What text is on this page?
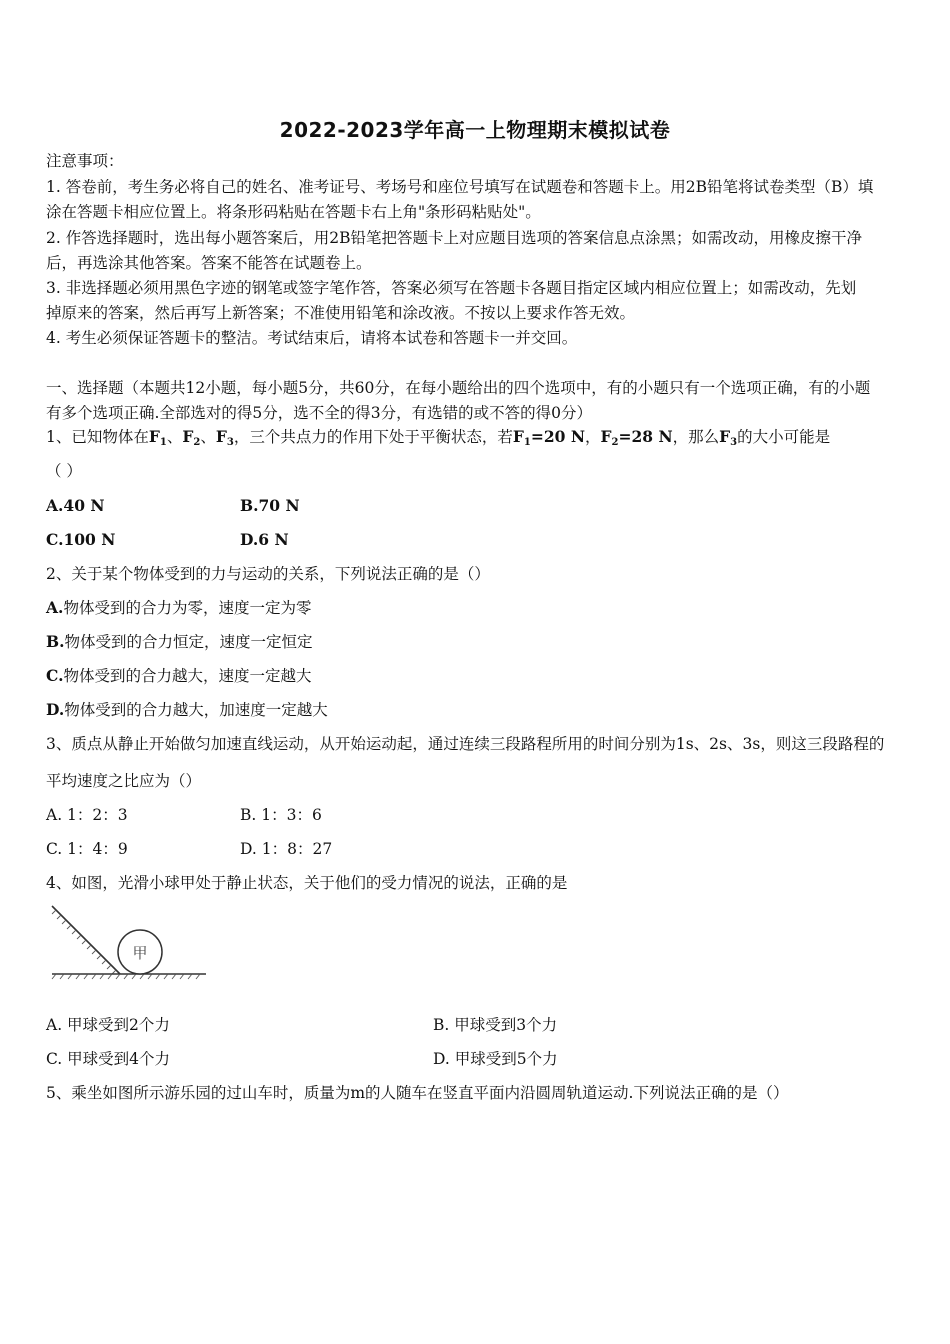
2022-2023学年高一上物理期末模拟试卷
注意事项：
1. 答卷前，考生务必将自己的姓名、准考证号、考场号和座位号填写在试题卷和答题卡上。用2B铅笔将试卷类型（B）填
涂在答题卡相应位置上。将条形码粘贴在答题卡右上角"条形码粘贴处"。
2. 作答选择题时，选出每小题答案后，用2B铅笔把答题卡上对应题目选项的答案信息点涂黑；如需改动，用橡皮擦干净
后，再选涂其他答案。答案不能答在试题卷上。
3. 非选择题必须用黑色字迹的钢笔或签字笔作答，答案必须写在答题卡各题目指定区域内相应位置上；如需改动，先划
掉原来的答案，然后再写上新答案；不准使用铅笔和涂改液。不按以上要求作答无效。
4. 考生必须保证答题卡的整洁。考试结束后，请将本试卷和答题卡一并交回。
一、选择题（本题共12小题，每小题5分，共60分，在每小题给出的四个选项中，有的小题只有一个选项正确，有的小题
有多个选项正确.全部选对的得5分，选不全的得3分，有选错的或不答的得0分）
1、已知物体在$F_1$、$F_2$、$F_3$，三个共点力的作用下处于平衡状态，若$F_1=20$ N，$F_2=28$ N，那么$F_3$的大小可能是
（ ）
A.40 N	B.70 N
C.100 N	D.6 N
2、关于某个物体受到的力与运动的关系，下列说法正确的是（）
A.物体受到的合力为零，速度一定为零
B.物体受到的合力恒定，速度一定恒定
C.物体受到的合力越大，速度一定越大
D.物体受到的合力越大，加速度一定越大
3、质点从静止开始做匀加速直线运动，从开始运动起，通过连续三段路程所用的时间分别为1s、2s、3s，则这三段路程的
平均速度之比应为（）
A. 1：2：3	B. 1：3：6
C. 1：4：9	D. 1：8：27
4、如图，光滑小球甲处于静止状态，关于他们的受力情况的说法，正确的是
甲
A. 甲球受到2个力	B. 甲球受到3个力
C. 甲球受到4个力	D. 甲球受到5个力
5、乘坐如图所示游乐园的过山车时，质量为m的人随车在竖直平面内沿圆周轨道运动.下列说法正确的是（）
